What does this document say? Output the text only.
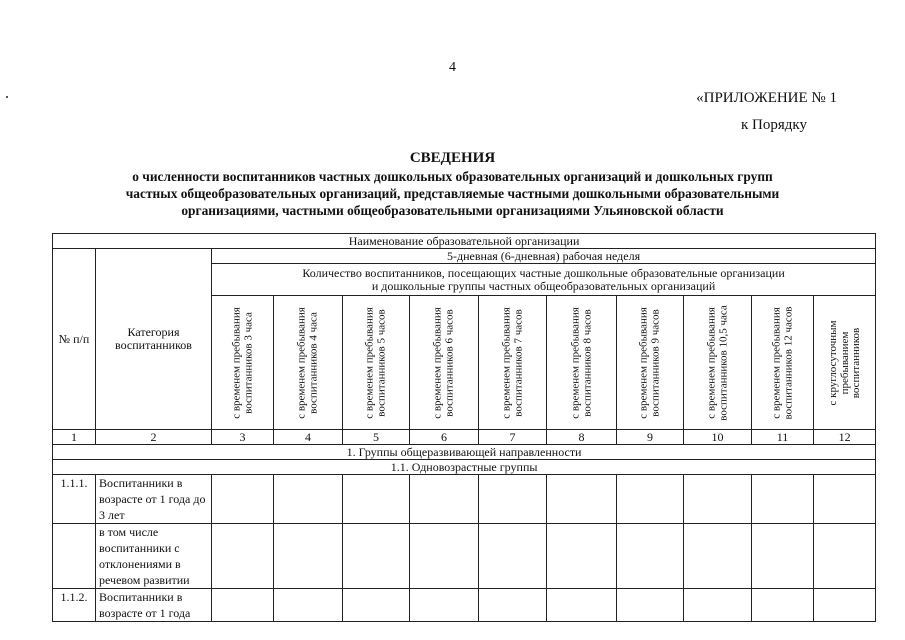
4
«ПРИЛОЖЕНИЕ № 1
к Порядку
СВЕДЕНИЯ
о численности воспитанников частных дошкольных образовательных организаций и дошкольных групп
частных общеобразовательных организаций, представляемые частными дошкольными образовательными
организациями, частными общеобразовательными организациями Ульяновской области
Наименование образовательной организации											
№ п/п	Категория воспитанников	5-дневная (6-дневная) рабочая неделя									

		Количество воспитанников, посещающих частные дошкольные образовательные организации
и дошкольные группы частных общеобразовательных организаций									

		с временем пребывания воспитанников 3 часа	с временем пребывания воспитанников 4 часа	с временем пребывания воспитанников 5 часов	с временем пребывания воспитанников 6 часов	с временем пребывания воспитанников 7 часов	с временем пребывания воспитанников 8 часов	с временем пребывания воспитанников 9 часов	с временем пребывания воспитанников 10,5 часа	с временем пребывания воспитанников 12 часов	с круглосуточным пребыванием воспитанников

1	2	3	4	5	6	7	8	9	10	11	12
1. Группы общеразвивающей направленности											
1.1. Одновозрастные группы											
1.1.1.	Воспитанники в возрасте от 1 года до 3 лет										
	в том числе воспитанники с отклонениями в речевом развитии										
1.1.2.	Воспитанники в возрасте от 1 года										
